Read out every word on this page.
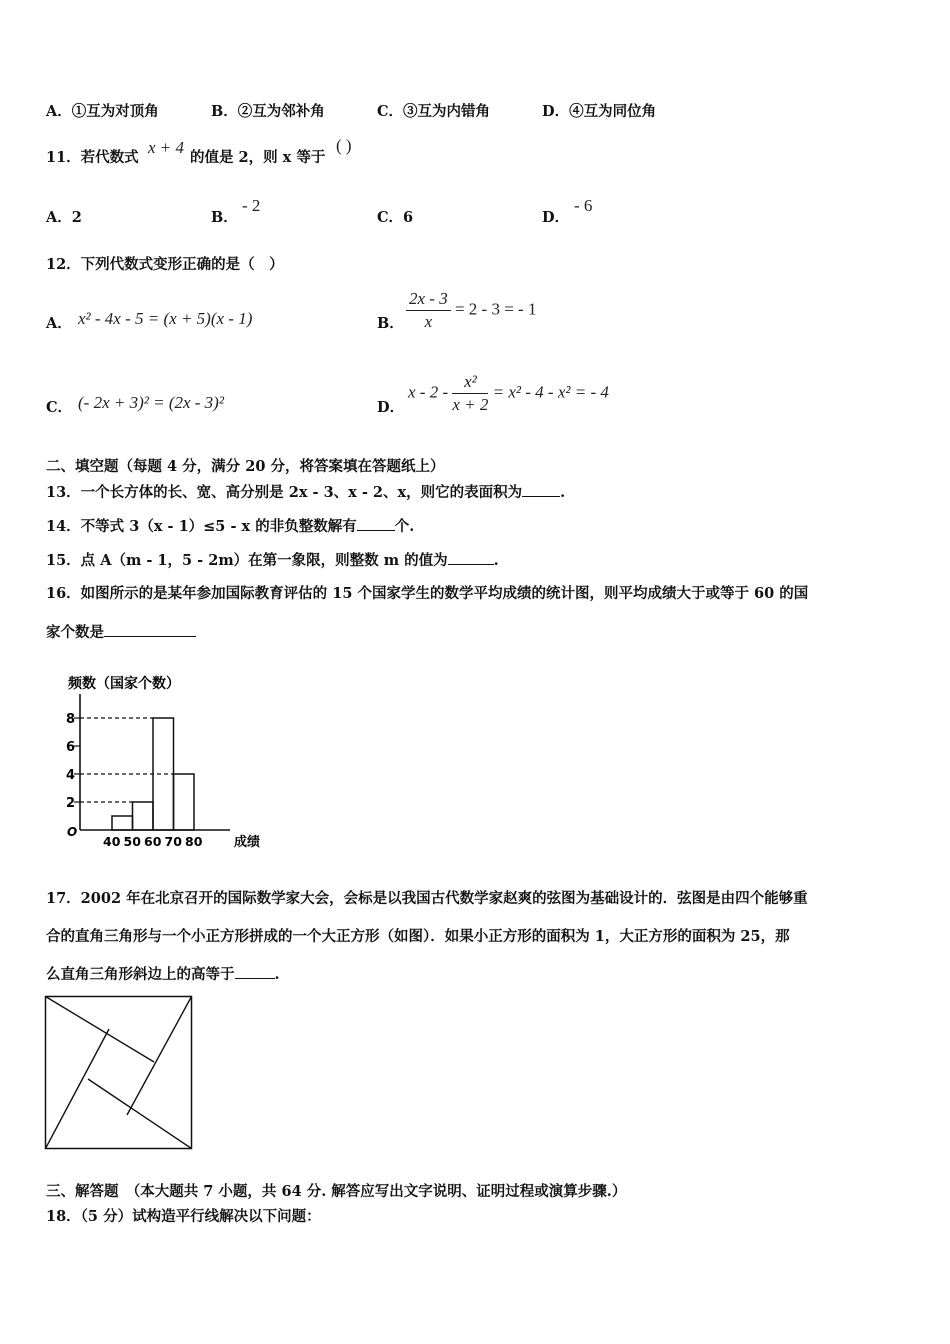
A．①互为对顶角	B．②互为邻补角	C．③互为内错角	D．④互为同位角
11．若代数式
x + 4
的值是 2，则 x 等于
( )
A．2	B．
- 2
C．6	D．
- 6
12．下列代数式变形正确的是（　）
A． x² - 4x - 5 = (x + 5)(x - 1)	B． $\frac{2x - 3}{x} = 2 - 3$ = - 1
C． (- 2x + 3)² = (2x - 3)²	D．
$x - 2 - \frac{\text{x²}}{x + 2} = x^2 - 4 - x^2$ = - 4
二、填空题（每题 4 分，满分 20 分，将答案填在答题纸上）
13．一个长方体的长、宽、高分别是 2x - 3、x - 2、x，则它的表面积为	.
14．不等式 3（x - 1）≤5 - x 的非负整数解有	个.
15．点 A（m - 1，5 - 2m）在第一象限，则整数 m 的值为	.
16．如图所示的是某年参加国际教育评估的 15 个国家学生的数学平均成绩的统计图，则平均成绩大于或等于 60 的国
家个数是
频数（国家个数）
O
成绩
2
4
6
8
40 50 60 70 80
17．2002 年在北京召开的国际数学家大会，会标是以我国古代数学家赵爽的弦图为基础设计的．弦图是由四个能够重
合的直角三角形与一个小正方形拼成的一个大正方形（如图）．如果小正方形的面积为 1，大正方形的面积为 25，那
么直角三角形斜边上的高等于	.
三、解答题　（本大题共 7 小题，共 64 分. 解答应写出文字说明、证明过程或演算步骤.）
18．（5 分）试构造平行线解决以下问题：
